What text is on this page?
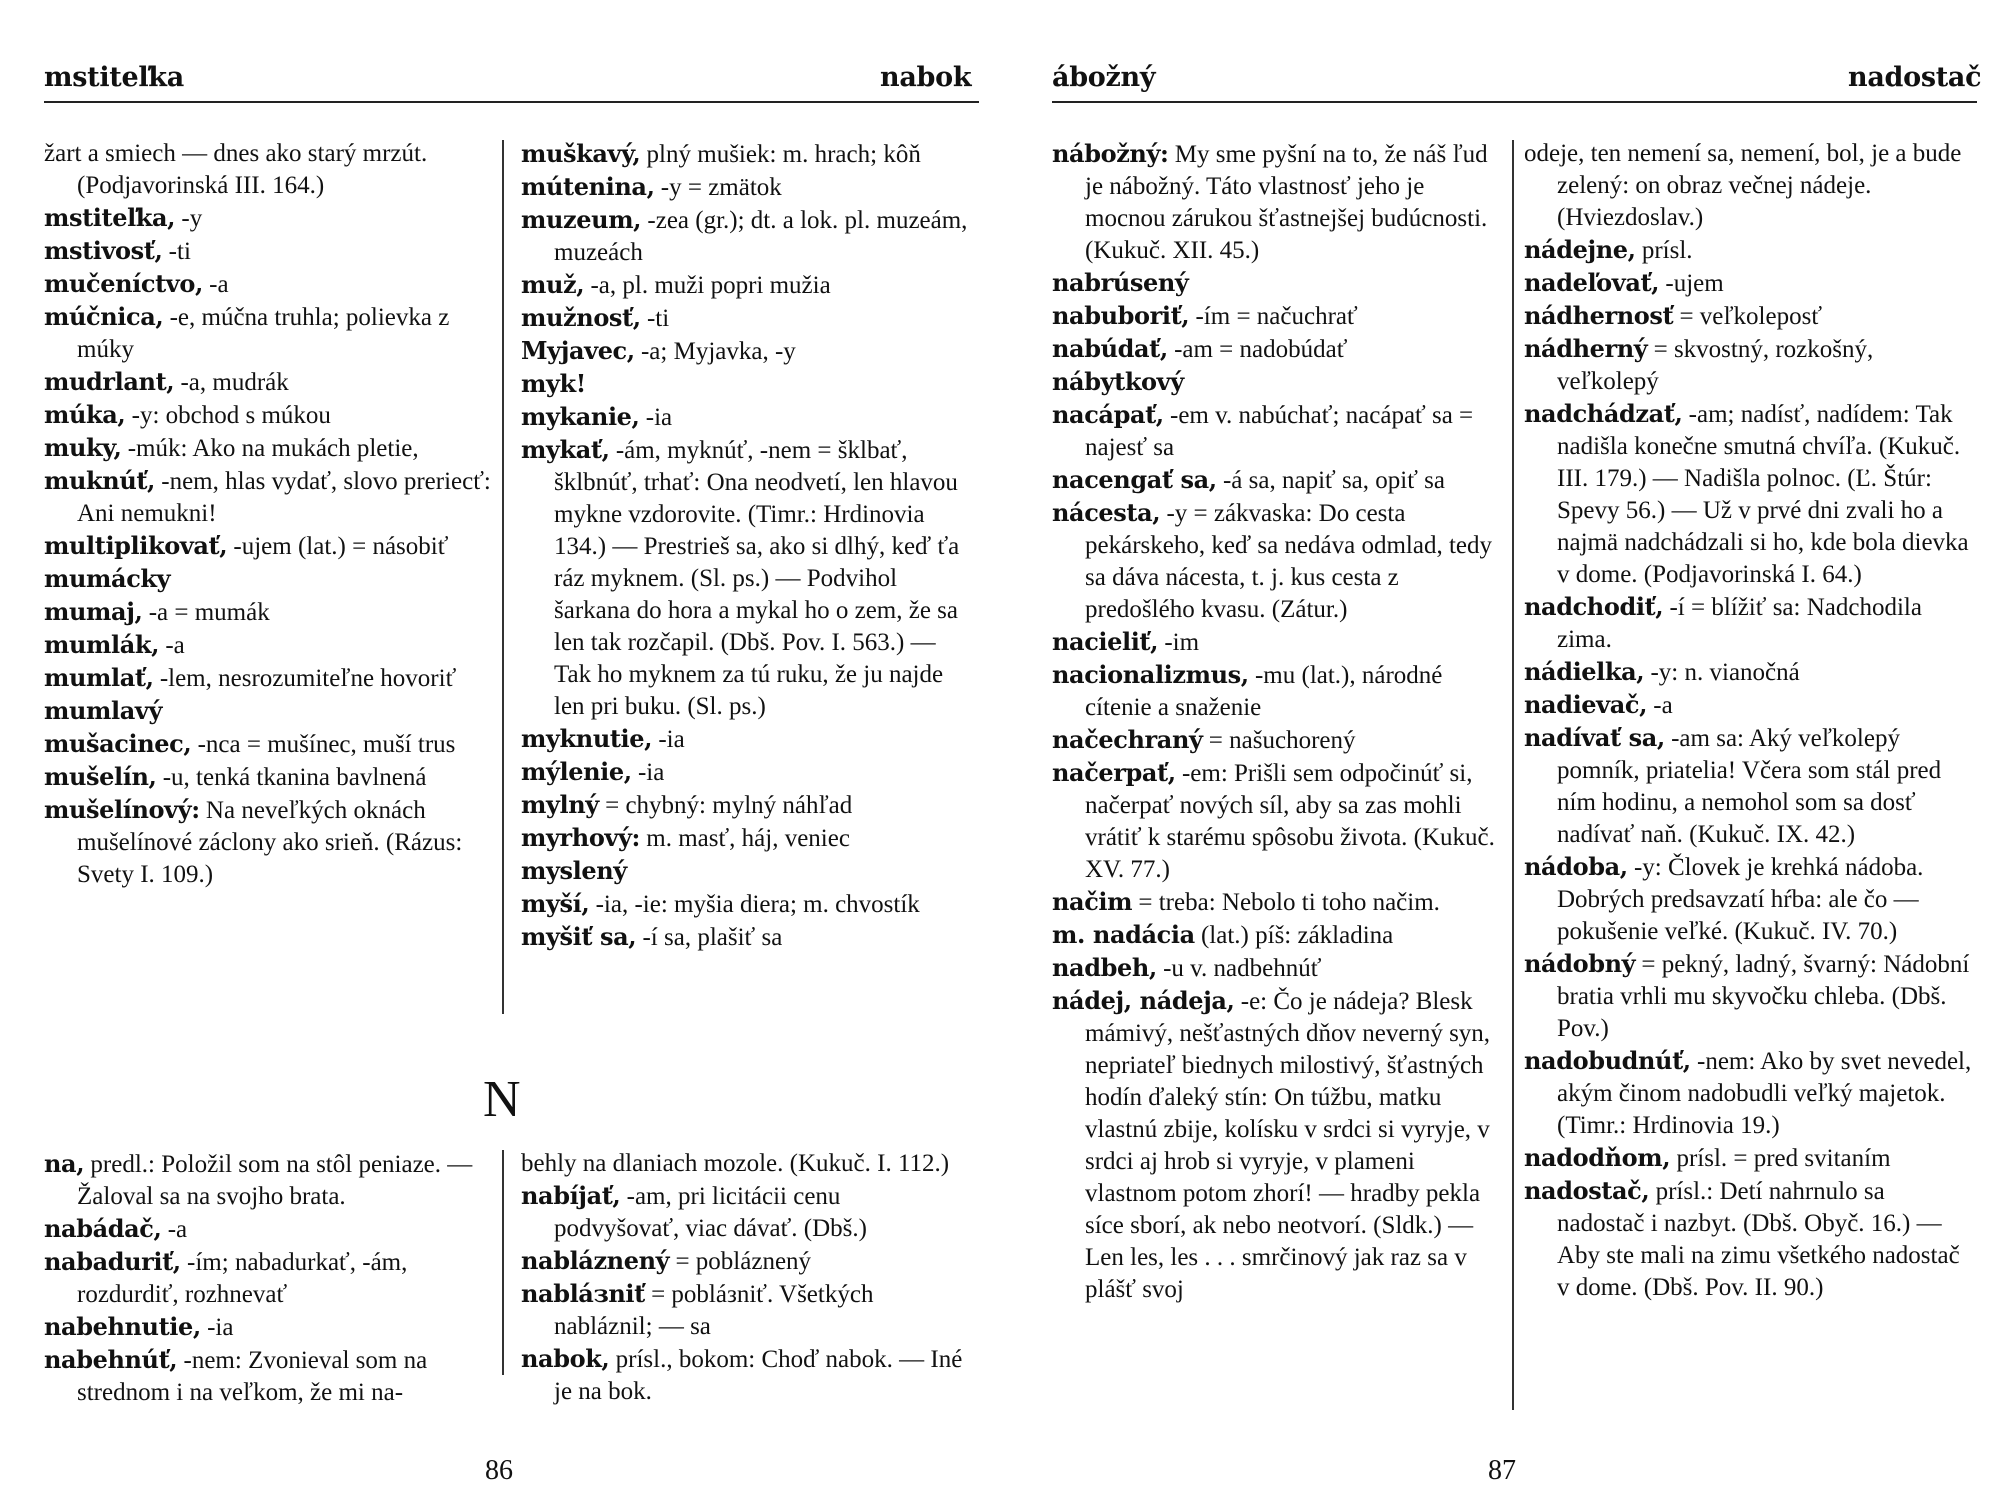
mstiteľka	nabok
žart a smiech — dnes ako starý mrzút. (Podjavorinská III. 164.)
mstiteľka, -y
mstivosť, -ti
mučeníctvo, -a
múčnica, -e, múčna truhla; polievka z múky
mudrlant, -a, mudrák
múka, -y: obchod s múkou
muky, -múk: Ako na mukách pletie,
muknúť, -nem, hlas vydať, slovo prerieсť: Ani nemukni!
multiplikovať, -ujem (lat.) = násobiť
mumácky
mumaj, -a = mumák
mumlák, -a
mumlať, -lem, nesrozumiteľne hovoriť
mumlavý
mušacinec, -nca = mušínec, muší trus
mušelín, -u, tenká tkanina bavlnená
mušelínový: Na neveľkých oknách mušelínové záclony ako srieň. (Rázus: Svety I. 109.)
muškavý, plný mušiek: m. hrach; kôň
mútenina, -y = zmätok
muzeum, -zea (gr.); dt. a lok. pl. muzeám, muzeách
muž, -a, pl. muži popri mužia
mužnosť, -ti
Myjavec, -a; Myjavka, -y
myk!
mykanie, -ia
mykať, -ám, myknúť, -nem = šklbať, šklbnúť, trhať: Ona neodvetí, len hlavou mykne vzdorovite. (Timr.: Hrdinovia 134.) — Prestrieš sa, ako si dlhý, keď ťa ráz myknem. (Sl. ps.) — Podvihol šarkana do hora a mykal ho o zem, že sa len tak rozčapil. (Dbš. Pov. I. 563.) — Tak ho myknem za tú ruku, že ju najde len pri buku. (Sl. ps.)
myknutie, -ia
mýlenie, -ia
mylný = chybný: mylný náhľad
myrhový: m. masť, háj, veniec
myslený
myší, -ia, -ie: myšia diera; m. chvostík
myšiť sa, -í sa, plašiť sa
N
na, predl.: Položil som na stôl peniaze. — Žaloval sa na svojho brata.
nabádač, -a
nabaduriť, -ím; nabadurkať, -ám, rozdurdiť, rozhnevať
nabehnutie, -ia
nabehnúť, -nem: Zvonieval som na strednom i na veľkom, že mi na-
behly na dlaniach mozole. (Kukuč. I. 112.)
nabíjať, -am, pri licitácii cenu podvyšovať, viac dávať. (Dbš.)
nabláznený = pobláznený
nabláзniť = pobláзniť. Všetkých nabláznil; — sa
nabok, prísl., bokom: Choď nabok. — Iné je na bok.
86
ábožný	nadostač
nábožný: My sme pyšní na to, že náš ľud je nábožný. Táto vlastnosť jeho je mocnou zárukou šťastnejšej budúcnosti. (Kukuč. XII. 45.)
nabrúsený
nabuboriť, -ím = načuchrať
nabúdať, -am = nadobúdať
nábytkový
nacápať, -em v. nabúchať; nacápať sa = najesť sa
nacengať sa, -á sa, napiť sa, opiť sa
nácesta, -y = zákvaska: Do cesta pekárskeho, keď sa nedáva odmlad, tedy sa dáva nácesta, t. j. kus cesta z predošlého kvasu. (Zátur.)
nacieliť, -im
nacionalizmus, -mu (lat.), národné cítenie a snaženie
načechraný = našuchorený
načerpať, -em: Prišli sem odpočinúť si, načerpať nových síl, aby sa zas mohli vrátiť k starému spôsobu života. (Kukuč. XV. 77.)
načim = treba: Nebolo ti toho načim.
m. nadácia (lat.) píš: základina
nadbeh, -u v. nadbehnúť
nádej, nádeja, -e: Čo je nádeja? Blesk mámivý, nešťastných dňov neverný syn, nepriateľ biednych milostivý, šťastných hodín ďaleký stín: On túžbu, matku vlastnú zbije, kolísku v srdci si vyryje, v srdci aj hrob si vyryje, v plameni vlastnom potom zhorí! — hradby pekla síce sborí, ak nebo neotvorí. (Sldk.) — Len les, les . . . smrčinový jak raz sa v plášť svoj
odeje, ten nemení sa, nemení, bol, je a bude zelený: on obraz večnej nádeje. (Hviezdoslav.)
nádejne, prísl.
nadeľovať, -ujem
nádhernosť = veľkoleposť
nádherný = skvostný, rozkošný, veľkolepý
nadchádzať, -am; nadísť, nadídem: Tak nadišla konečne smutná chvíľa. (Kukuč. III. 179.) — Nadišla polnoc. (Ľ. Štúr: Spevy 56.) — Už v prvé dni zvali ho a najmä nadchádzali si ho, kde bola dievka v dome. (Podjavorinská I. 64.)
nadchodiť, -í = blížiť sa: Nadchodila zima.
nádielka, -y: n. vianočná
nadievač, -a
nadívať sa, -am sa: Aký veľkolepý pomník, priatelia! Včera som stál pred ním hodinu, a nemohol som sa dosť nadívať naň. (Kukuč. IX. 42.)
nádoba, -y: Človek je krehká nádoba. Dobrých predsavzatí hŕba: ale čo — pokušenie veľké. (Kukuč. IV. 70.)
nádobný = pekný, ladný, švarný: Nádobní bratia vrhli mu skyvočku chleba. (Dbš. Pov.)
nadobudnúť, -nem: Ako by svet nevedel, akým činom nadobudli veľký majetok. (Timr.: Hrdinovia 19.)
nadodňom, prísl. = pred svitaním
nadostač, prísl.: Detí nahrnulo sa nadostač i nazbyt. (Dbš. Obyč. 16.) — Aby ste mali na zimu všetkého nadostač v dome. (Dbš. Pov. II. 90.)
87
